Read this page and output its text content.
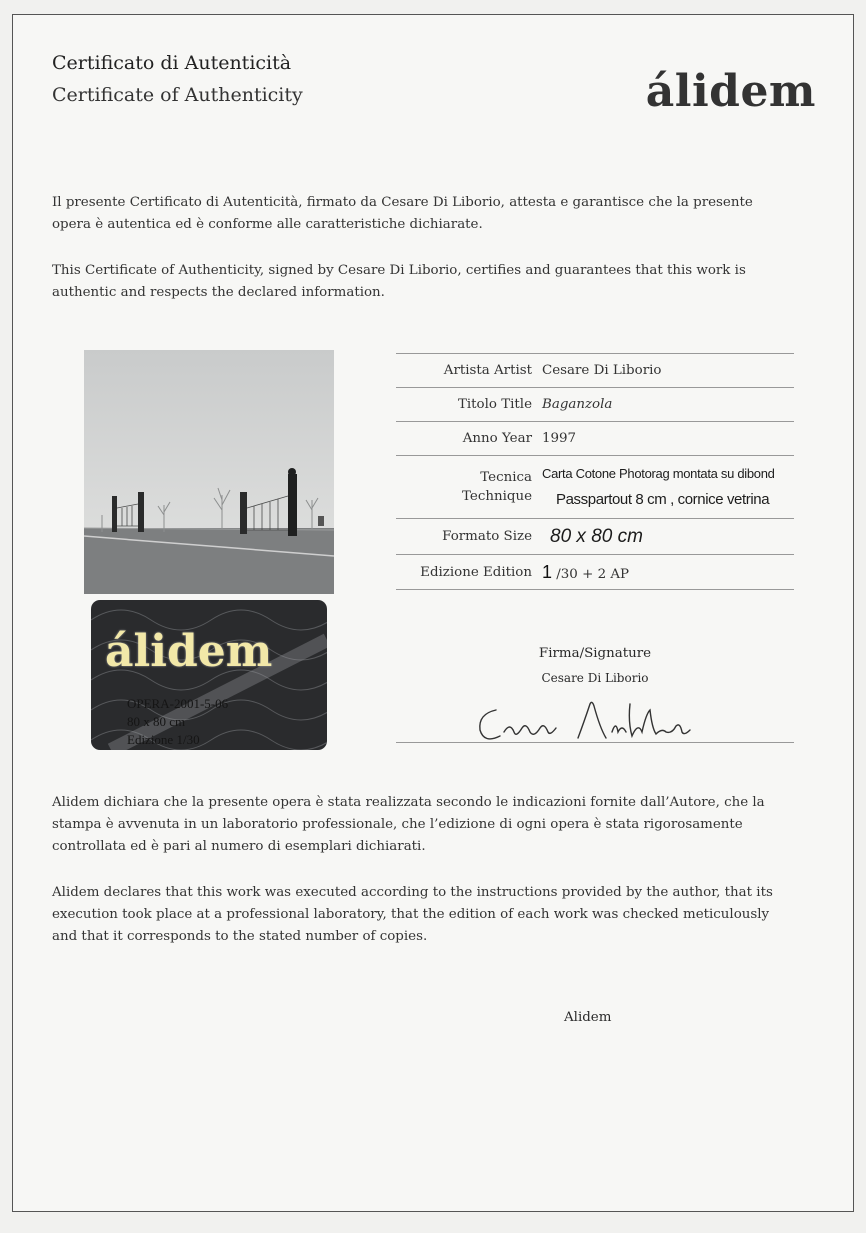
Certificato di Autenticità
Certificate of Authenticity	álidem
Il presente Certificato di Autenticità, firmato da Cesare Di Liborio, attesta e garantisce che la presente opera è autentica ed è conforme alle caratteristiche dichiarate.
This Certificate of Authenticity, signed by Cesare Di Liborio, certifies and guarantees that this work is authentic and respects the declared information.
álidem
OPERA-2001-5-06
80 x 80 cm
Edizione 1/30
Artista Artist Cesare Di Liborio
Titolo Title Baganzola
Anno Year 1997
Tecnica
Technique
Carta Cotone Photorag montata su dibond
Passpartout 8 cm , cornice vetrina
Formato Size 80 x 80 cm
Edizione Edition 1 /30 + 2 AP
Firma/Signature
Cesare Di Liborio
Alidem dichiara che la presente opera è stata realizzata secondo le indicazioni fornite dall’Autore, che la stampa è avvenuta in un laboratorio professionale, che l’edizione di ogni opera è stata rigorosamente controllata ed è pari al numero di esemplari dichiarati.
Alidem declares that this work was executed according to the instructions provided by the author, that its execution took place at a professional laboratory, that the edition of each work was checked meticulously and that it corresponds to the stated number of copies.
Alidem
